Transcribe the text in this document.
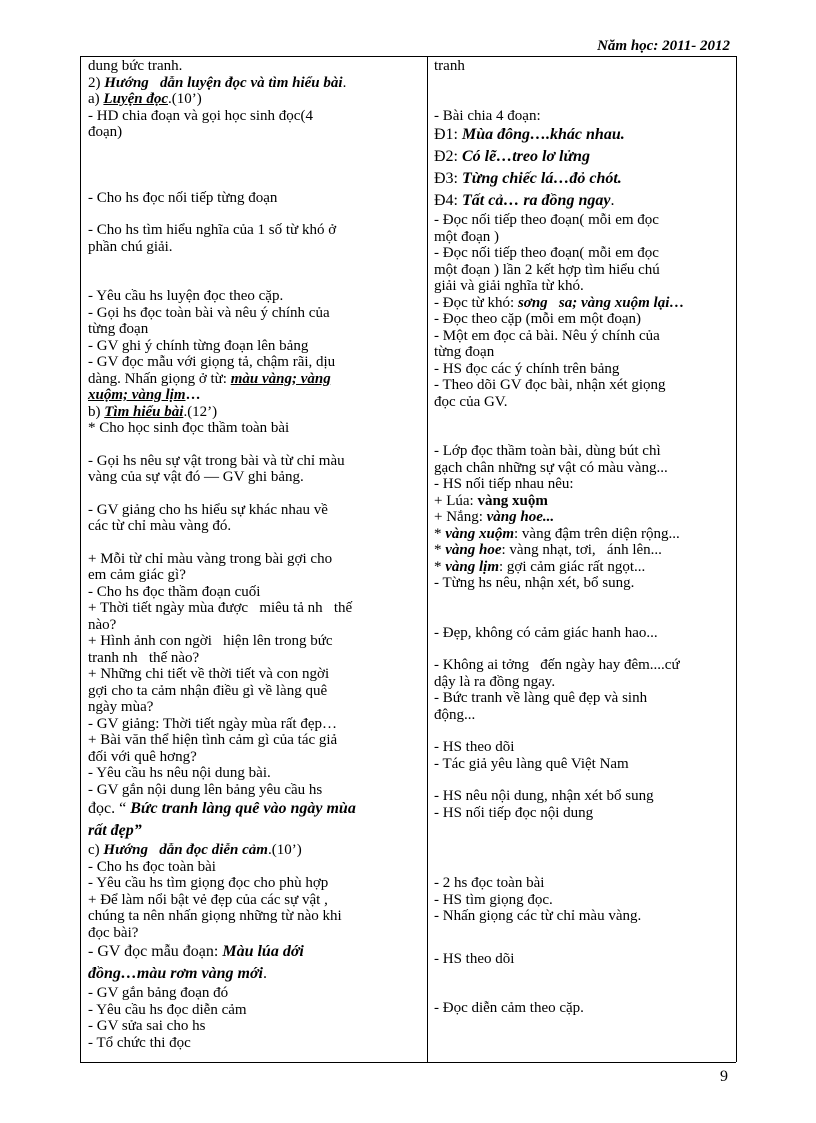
Năm học: 2011- 2012
dung bức tranh.
2) Hướng   dẫn luyện đọc và tìm hiểu bài.
a) Luyện đọc.(10’)
- HD chia đoạn và gọi học sinh đọc(4
đoạn)
- Cho hs đọc nối tiếp từng đoạn
- Cho hs tìm hiểu nghĩa của 1 số từ khó ở
phần chú giải.
- Yêu cầu hs luyện đọc theo cặp.
- Gọi hs đọc toàn bài và nêu ý chính của
từng đoạn
- GV ghi ý chính từng đoạn lên bảng
- GV đọc mẫu với giọng tả, chậm rãi, dịu
dàng. Nhấn giọng ở từ: màu vàng; vàng
xuộm; vàng lịm…
b) Tìm hiểu bài.(12’)
* Cho học sinh đọc thầm toàn bài
- Gọi hs nêu sự vật trong bài và từ chỉ màu
vàng của sự vật đó — GV ghi bảng.
- GV giảng cho hs hiểu sự khác nhau về
các từ chỉ màu vàng đó.
+ Mỗi từ chỉ màu vàng trong bài gợi cho
em cảm giác gì?
- Cho hs đọc thầm đoạn cuối
+ Thời tiết ngày mùa được   miêu tả nh   thế
nào?
+ Hình ảnh con ngời   hiện lên trong bức
tranh nh   thế nào?
+ Những chi tiết về thời tiết và con ngời
gợi cho ta cảm nhận điều gì về làng quê
ngày mùa?
- GV giảng: Thời tiết ngày mùa rất đẹp…
+ Bài văn thể hiện tình cảm gì của tác giả
đối với quê hơng?
- Yêu cầu hs nêu nội dung bài.
- GV gắn nội dung lên bảng yêu cầu hs
đọc. “ Bức tranh làng quê vào ngày mùa
rất đẹp”
c) Hướng   dẫn đọc diễn cảm.(10’)
- Cho hs đọc toàn bài
- Yêu cầu hs tìm giọng đọc cho phù hợp
+ Để làm nổi bật vẻ đẹp của các sự vật ,
chúng ta nên nhấn giọng những từ nào khi
đọc bài?
- GV đọc mẫu đoạn: Màu lúa dới
đồng…màu rơm vàng mới.
- GV gắn bảng đoạn đó
- Yêu cầu hs đọc diễn cảm
- GV sửa sai cho hs
- Tổ chức thi đọc
tranh
- Bài chia 4 đoạn:
Đ1: Mùa đông….khác nhau.
Đ2: Có lẽ…treo lơ lửng
Đ3: Từng chiếc lá…đỏ chót.
Đ4: Tất cả… ra đồng ngay.
- Đọc nối tiếp theo đoạn( mỗi em đọc
một đoạn )
- Đọc nối tiếp theo đoạn( mỗi em đọc
một đoạn ) lần 2 kết hợp tìm hiểu chú
giải và giải nghĩa từ khó.
- Đọc từ khó: sơng   sa; vàng xuộm lại…
- Đọc theo cặp (mỗi em một đoạn)
- Một em đọc cả bài. Nêu ý chính của
từng đoạn
- HS đọc các ý chính trên bảng
- Theo dõi GV đọc bài, nhận xét giọng
đọc của GV.
- Lớp đọc thầm toàn bài, dùng bút chì
gạch chân những sự vật có màu vàng...
- HS nối tiếp nhau nêu:
+ Lúa: vàng xuộm
+ Nắng: vàng hoe...
* vàng xuộm: vàng đậm trên diện rộng...
* vàng hoe: vàng nhạt, tơi,   ánh lên...
* vàng lịm: gợi cảm giác rất ngọt...
- Từng hs nêu, nhận xét, bổ sung.
- Đẹp, không có cảm giác hanh hao...
- Không ai tởng   đến ngày hay đêm....cứ
dậy là ra đồng ngay.
- Bức tranh về làng quê đẹp và sinh
động...
- HS theo dõi
- Tác giả yêu làng quê Việt Nam
- HS nêu nội dung, nhận xét bổ sung
- HS nối tiếp đọc nội dung
- 2 hs đọc toàn bài
- HS tìm giọng đọc.
- Nhấn giọng các từ chỉ màu vàng.
- HS theo dõi
- Đọc diễn cảm theo cặp.
9
